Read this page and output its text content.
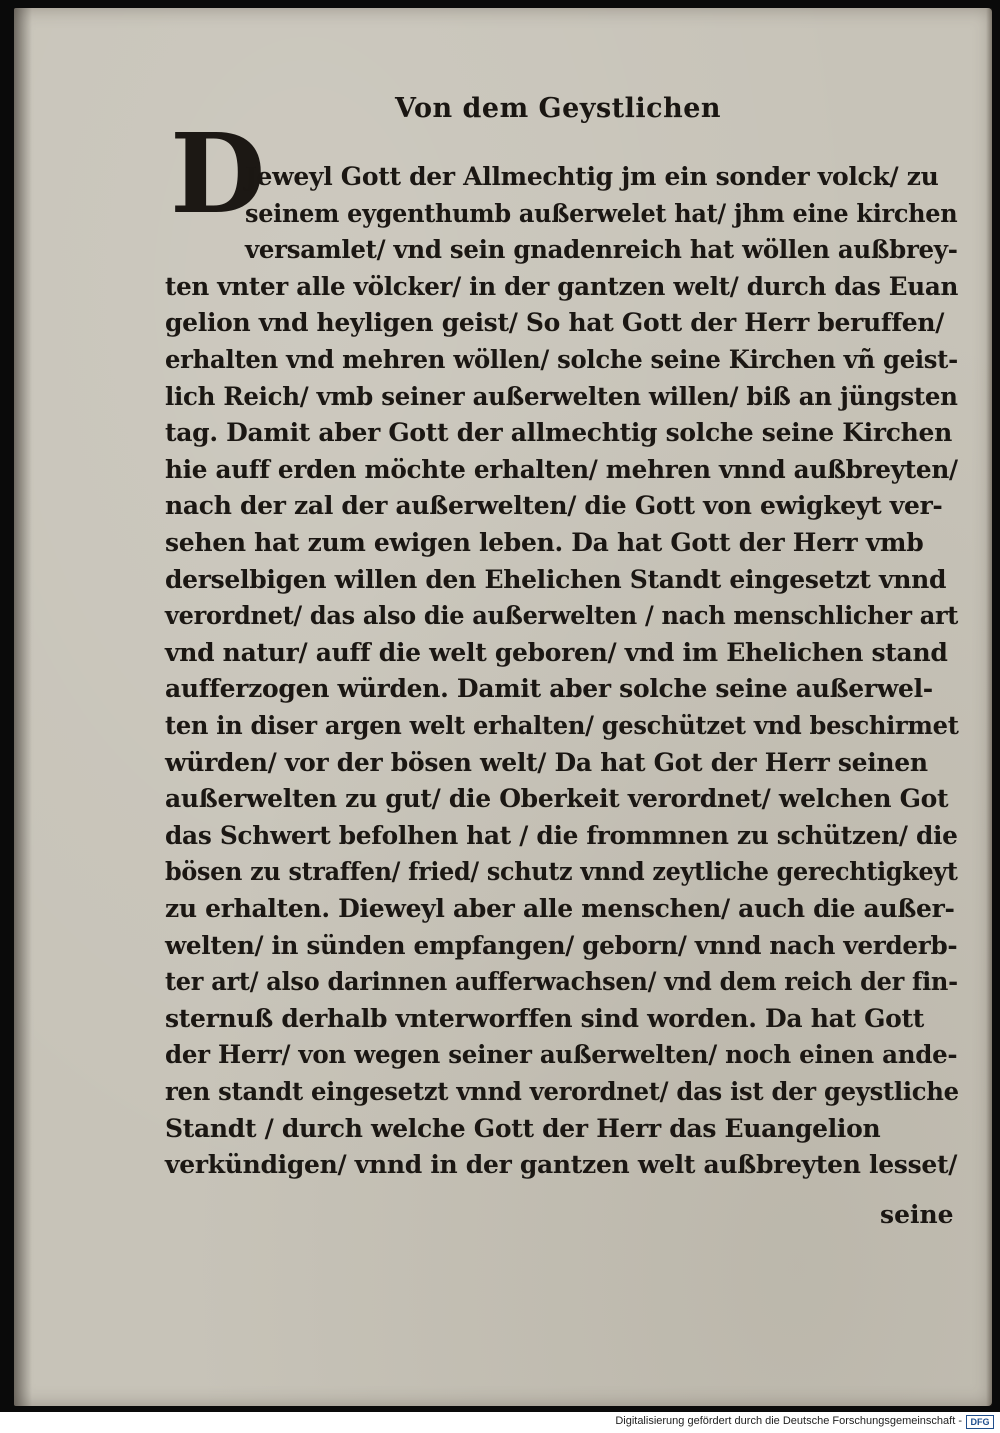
Von dem Geystlichen
D
Jeweyl Gott der Allmechtig jm ein sonder volck/ zu
seinem eygenthumb außerwelet hat/ jhm eine kirchen
versamlet/ vnd sein gnadenreich hat wöllen außbrey-
ten vnter alle völcker/ in der gantzen welt/ durch das Euan
gelion vnd heyligen geist/ So hat Gott der Herr beruffen/
erhalten vnd mehren wöllen/ solche seine Kirchen vñ geist-
lich Reich/ vmb seiner außerwelten willen/ biß an jüngsten
tag. Damit aber Gott der allmechtig solche seine Kirchen
hie auff erden möchte erhalten/ mehren vnnd außbreyten/
nach der zal der außerwelten/ die Gott von ewigkeyt ver-
sehen hat zum ewigen leben. Da hat Gott der Herr vmb
derselbigen willen den Ehelichen Standt eingesetzt vnnd
verordnet/ das also die außerwelten / nach menschlicher art
vnd natur/ auff die welt geboren/ vnd im Ehelichen stand
aufferzogen würden. Damit aber solche seine außerwel-
ten in diser argen welt erhalten/ geschützet vnd beschirmet
würden/ vor der bösen welt/ Da hat Got der Herr seinen
außerwelten zu gut/ die Oberkeit verordnet/ welchen Got
das Schwert befolhen hat / die frommnen zu schützen/ die
bösen zu straffen/ fried/ schutz vnnd zeytliche gerechtigkeyt
zu erhalten. Dieweyl aber alle menschen/ auch die außer-
welten/ in sünden empfangen/ geborn/ vnnd nach verderb-
ter art/ also darinnen aufferwachsen/ vnd dem reich der fin-
sternuß derhalb vnterworffen sind worden. Da hat Gott
der Herr/ von wegen seiner außerwelten/ noch einen ande-
ren standt eingesetzt vnnd verordnet/ das ist der geystliche
Standt / durch welche Gott der Herr das Euangelion
verkündigen/ vnnd in der gantzen welt außbreyten lesset/
seine
Digitalisierung gefördert durch die Deutsche Forschungsgemeinschaft - DFG
